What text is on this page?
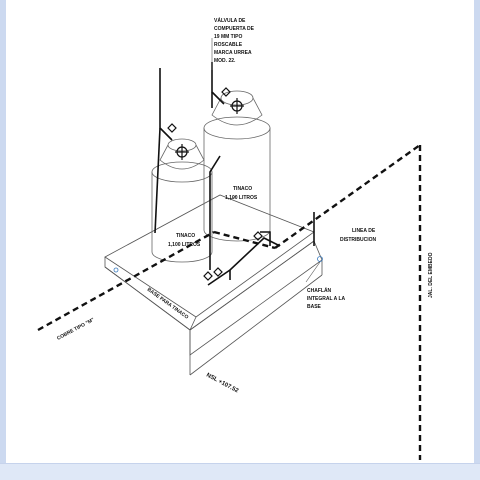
VÁLVULA DE
COMPUERTA DE
19 MM TIPO
ROSCABLE
MARCA URREA
MOD. 22.
TINACO
1,100 LITROS
TINACO
1,100 LITROS
LINEA DE
DISTRIBUCION
CHAFLÁN
INTEGRAL A LA
BASE
COBRE TIPO "M"
BASE PARA TINACO
NSL +107.52
JAL. DEL EMBEDO
